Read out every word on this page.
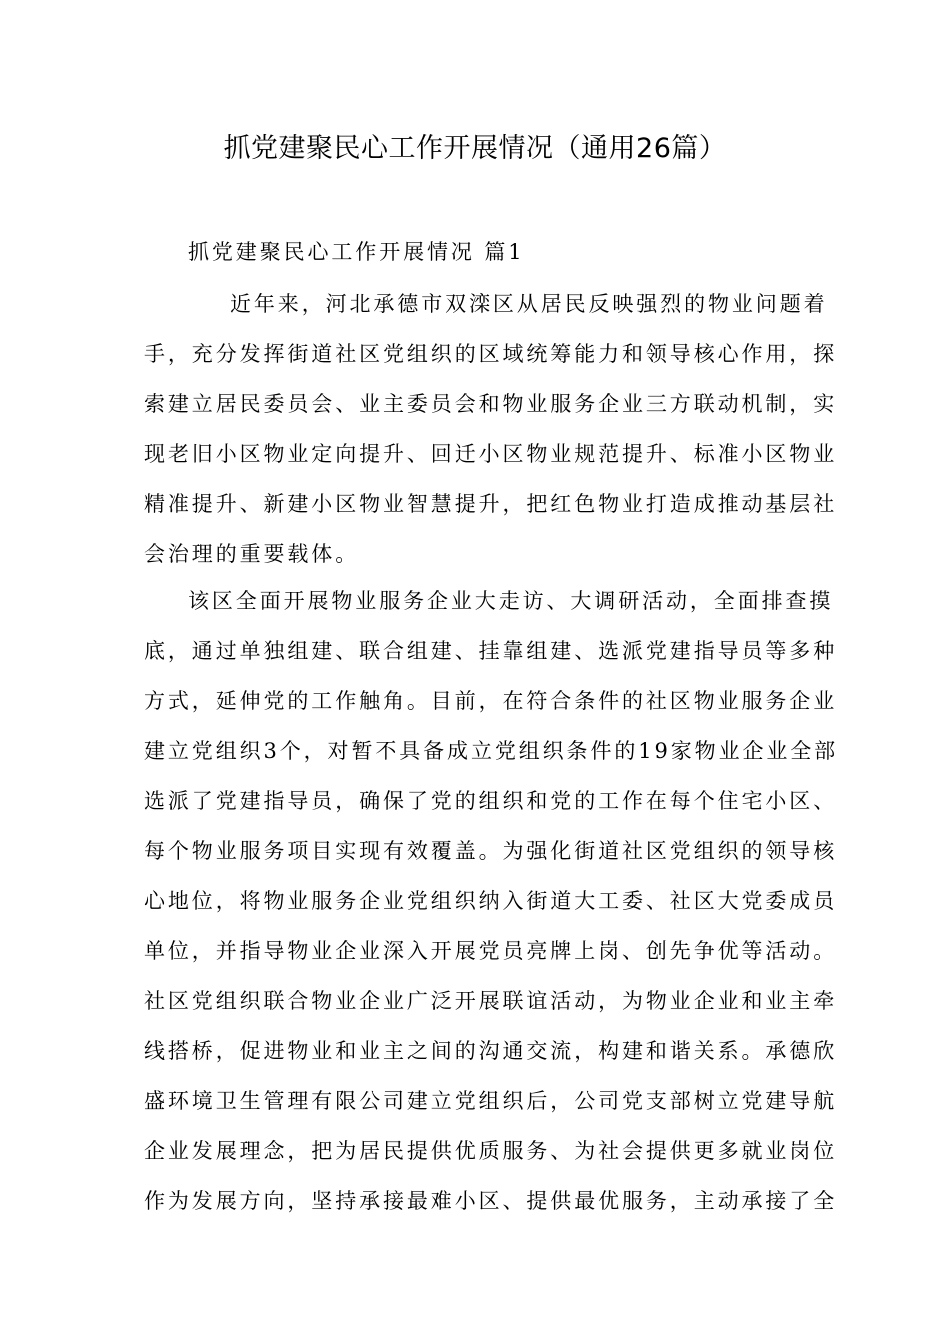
抓党建聚民心工作开展情况（通用26篇）
抓党建聚民心工作开展情况 篇1
近年来，河北承德市双滦区从居民反映强烈的物业问题着
手，充分发挥街道社区党组织的区域统筹能力和领导核心作用，探
索建立居民委员会、业主委员会和物业服务企业三方联动机制，实
现老旧小区物业定向提升、回迁小区物业规范提升、标准小区物业
精准提升、新建小区物业智慧提升，把红色物业打造成推动基层社
会治理的重要载体。
该区全面开展物业服务企业大走访、大调研活动，全面排查摸
底，通过单独组建、联合组建、挂靠组建、选派党建指导员等多种
方式，延伸党的工作触角。目前，在符合条件的社区物业服务企业
建立党组织3个，对暂不具备成立党组织条件的19家物业企业全部
选派了党建指导员，确保了党的组织和党的工作在每个住宅小区、
每个物业服务项目实现有效覆盖。为强化街道社区党组织的领导核
心地位，将物业服务企业党组织纳入街道大工委、社区大党委成员
单位，并指导物业企业深入开展党员亮牌上岗、创先争优等活动。
社区党组织联合物业企业广泛开展联谊活动，为物业企业和业主牵
线搭桥，促进物业和业主之间的沟通交流，构建和谐关系。承德欣
盛环境卫生管理有限公司建立党组织后，公司党支部树立党建导航
企业发展理念，把为居民提供优质服务、为社会提供更多就业岗位
作为发展方向，坚持承接最难小区、提供最优服务，主动承接了全
